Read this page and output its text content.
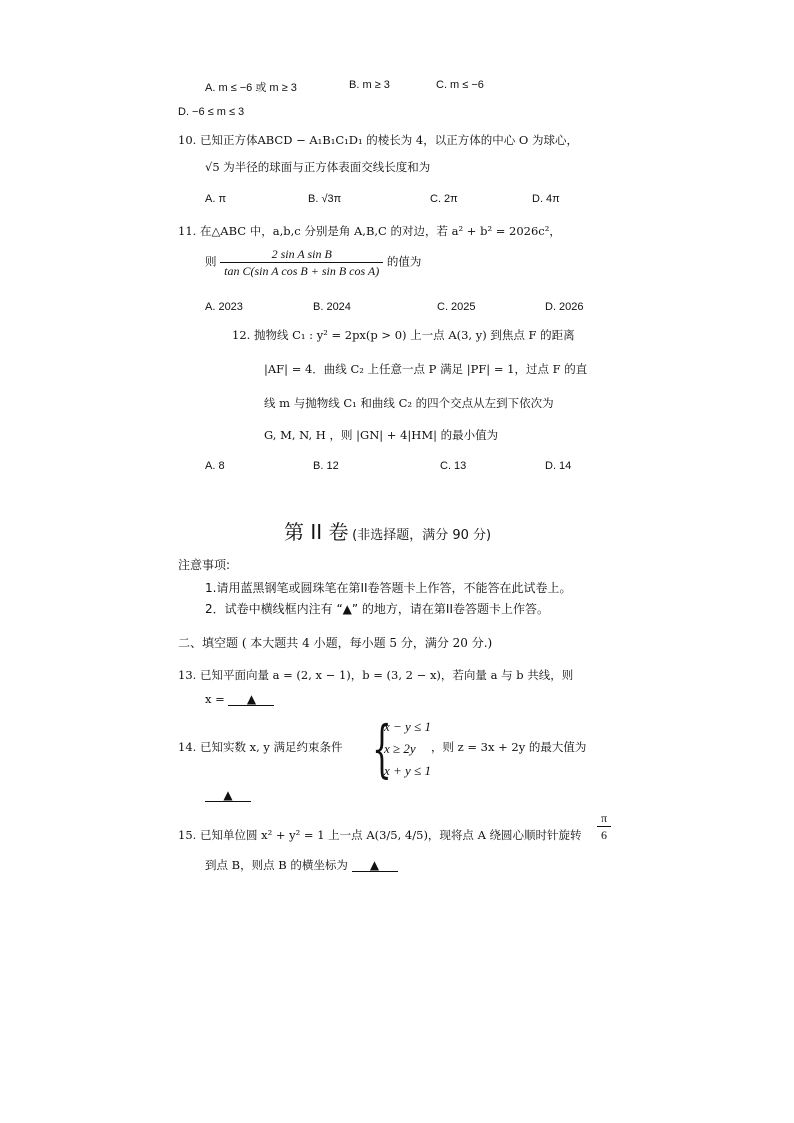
A. m ≤ −6 或 m ≥ 3	B. m ≥ 3	C. m ≤ −6
D. −6 ≤ m ≤ 3
10. 已知正方体ABCD − A₁B₁C₁D₁ 的棱长为 4，以正方体的中心 O 为球心，
√5 为半径的球面与正方体表面交线长度和为
A. π	B. √3π	C. 2π	D. 4π
11. 在△ABC 中，a,b,c 分别是角 A,B,C 的对边，若 a² + b² = 2026c²，
则 $\frac{\text{2 sin A sin B}}{\text{tan C(sin A cos B + sin B cos A)}}$ 的值为
A. 2023	B. 2024	C. 2025	D. 2026
12. 抛物线 C₁ : y² = 2px(p > 0) 上一点 A(3, y) 到焦点 F 的距离
|AF| = 4．曲线 C₂ 上任意一点 P 满足 |PF| = 1，过点 F 的直
线 m 与抛物线 C₁ 和曲线 C₂ 的四个交点从左到下依次为
G, M, N, H ，则 |GN| + 4|HM| 的最小值为
A. 8	B. 12	C. 13	D. 14
第 II 卷 (非选择题，满分 90 分)
注意事项:
1.请用蓝黑钢笔或圆珠笔在第II卷答题卡上作答，不能答在此试卷上。
2．试卷中横线框内注有 “▲” 的地方，请在第II卷答题卡上作答。
二、填空题 ( 本大题共 4 小题，每小题 5 分，满分 20 分.)
13. 已知平面向量 a = (2, x − 1)，b = (3, 2 − x)，若向量 a 与 b 共线，则
x = ▲
14. 已知实数 x, y 满足约束条件 {
x − y ≤ 1
x ≥ 2y
x + y ≤ 1
，则 z = 3x + 2y 的最大值为
▲
15. 已知单位圆 x² + y² = 1 上一点 A(3/5, 4/5)，现将点 A 绕圆心顺时针旋转 $\frac{\pi}{6}$
到点 B，则点 B 的横坐标为 ▲
